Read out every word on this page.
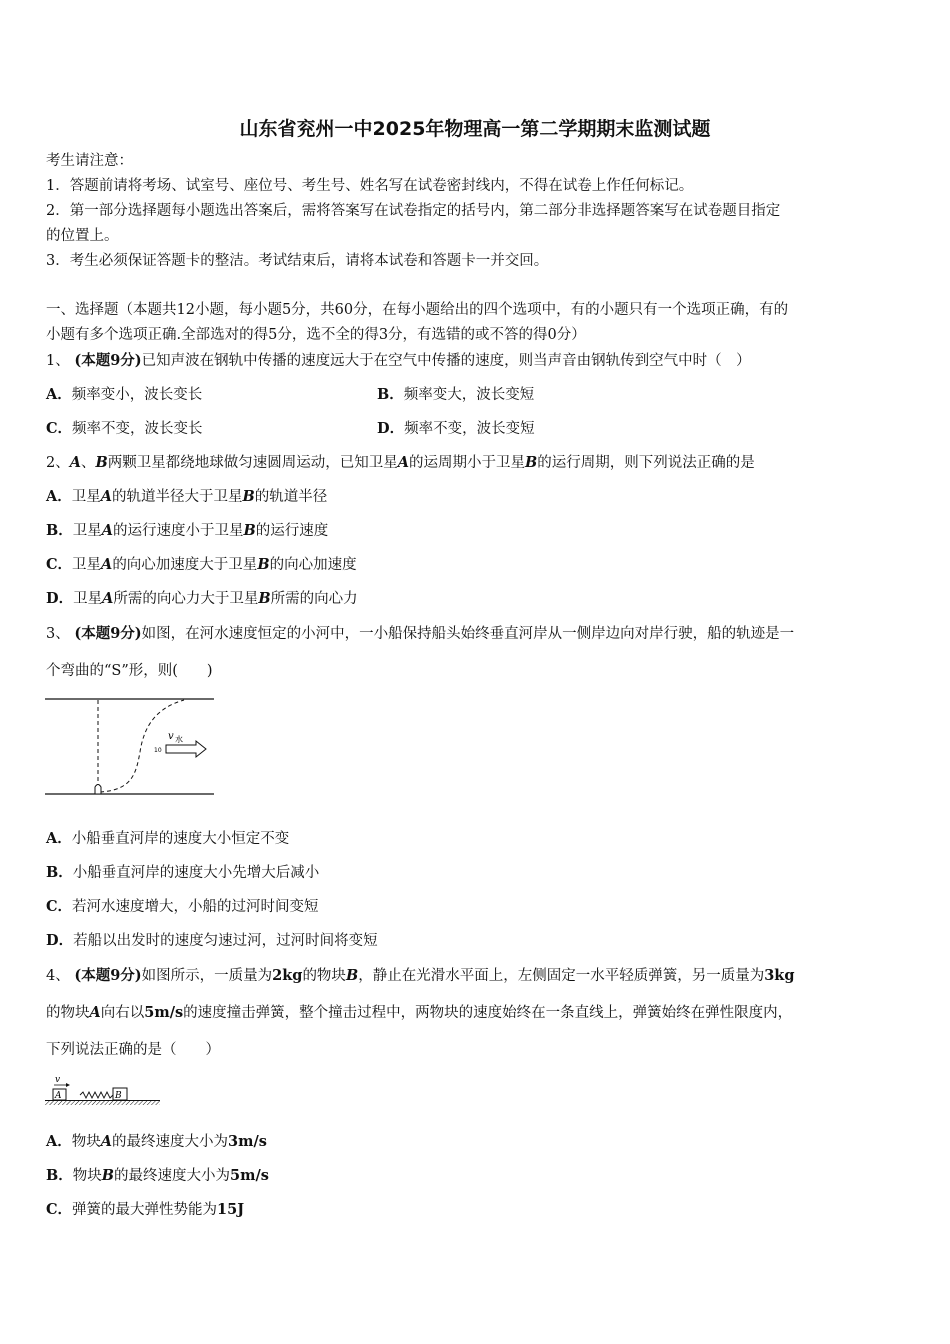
山东省兖州一中2025年物理高一第二学期期末监测试题
考生请注意：
1．答题前请将考场、试室号、座位号、考生号、姓名写在试卷密封线内，不得在试卷上作任何标记。
2．第一部分选择题每小题选出答案后，需将答案写在试卷指定的括号内，第二部分非选择题答案写在试卷题目指定
的位置上。
3．考生必须保证答题卡的整洁。考试结束后，请将本试卷和答题卡一并交回。
一、选择题（本题共12小题，每小题5分，共60分，在每小题给出的四个选项中，有的小题只有一个选项正确，有的
小题有多个选项正确.全部选对的得5分，选不全的得3分，有选错的或不答的得0分）
1、 (本题9分)已知声波在钢轨中传播的速度远大于在空气中传播的速度，则当声音由钢轨传到空气中时（　）
A．频率变小，波长变长	B．频率变大，波长变短
C．频率不变，波长变长	D．频率不变，波长变短
2、A、B两颗卫星都绕地球做匀速圆周运动，已知卫星A的运周期小于卫星B的运行周期，则下列说法正确的是
A．卫星A的轨道半径大于卫星B的轨道半径
B．卫星A的运行速度小于卫星B的运行速度
C．卫星A的向心加速度大于卫星B的向心加速度
D．卫星A所需的向心力大于卫星B所需的向心力
3、 (本题9分)如图，在河水速度恒定的小河中，一小船保持船头始终垂直河岸从一侧岸边向对岸行驶，船的轨迹是一
个弯曲的“S”形，则(　　)
v 水
10
A．小船垂直河岸的速度大小恒定不变
B．小船垂直河岸的速度大小先增大后减小
C．若河水速度增大，小船的过河时间变短
D．若船以出发时的速度匀速过河，过河时间将变短
4、 (本题9分)如图所示，一质量为2kg的物块B，静止在光滑水平面上，左侧固定一水平轻质弹簧，另一质量为3kg
的物块A向右以5m/s的速度撞击弹簧，整个撞击过程中，两物块的速度始终在一条直线上，弹簧始终在弹性限度内，
下列说法正确的是（　　）
v
A	B
A．物块A的最终速度大小为3m/s
B．物块B的最终速度大小为5m/s
C．弹簧的最大弹性势能为15J
